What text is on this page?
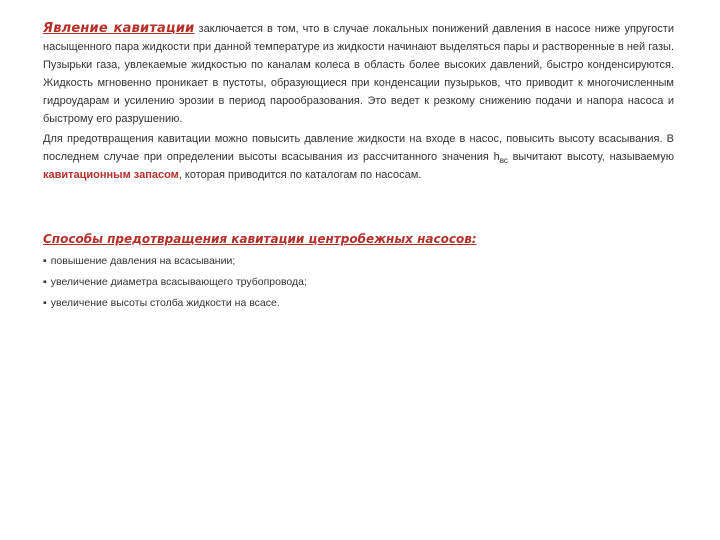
Явление кавитации заключается в том, что в случае локальных понижений давления в насосе ниже упругости насыщенного пара жидкости при данной температуре из жидкости начинают выделяться пары и растворенные в ней газы. Пузырьки газа, увлекаемые жидкостью по каналам колеса в область более высоких давлений, быстро конденсируются. Жидкость мгновенно проникает в пустоты, образующиеся при конденсации пузырьков, что приводит к многочисленным гидроударам и усилению эрозии в период парообразования. Это ведет к резкому снижению подачи и напора насоса и быстрому его разрушению.

Для предотвращения кавитации можно повысить давление жидкости на входе в насос, повысить высоту всасывания. В последнем случае при определении высоты всасывания из рассчитанного значения $h_{вс}$ вычитают высоту, называемую кавитационным запасом, которая приводится по каталогам по насосам.

Способы предотвращения кавитации центробежных насосов:
▪ повышение давления на всасывании;
▪ увеличение диаметра всасывающего трубопровода;
▪ увеличение высоты столба жидкости на всасе.
